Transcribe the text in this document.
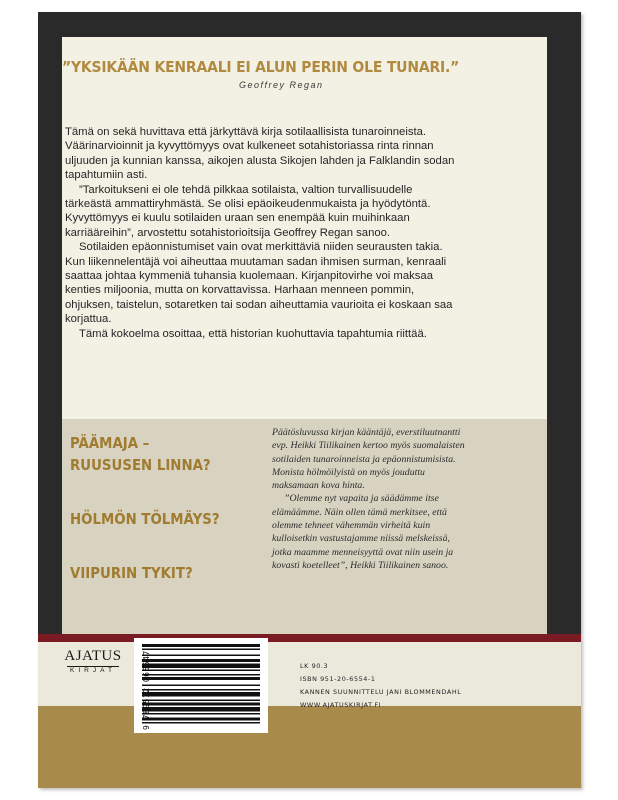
”YKSIKÄÄN KENRAALI EI ALUN PERIN OLE TUNARI.”
Geoffrey Regan
Tämä on sekä huvittava että järkyttävä kirja sotilaallisista tunaroinneista.
Väärinarvioinnit ja kyvyttömyys ovat kulkeneet sotahistoriassa rinta rinnan
uljuuden ja kunnian kanssa, aikojen alusta Sikojen lahden ja Falklandin sodan
tapahtumiin asti.
”Tarkoitukseni ei ole tehdä pilkkaa sotilaista, valtion turvallisuudelle
tärkeästä ammattiryhmästä. Se olisi epäoikeudenmukaista ja hyödytöntä.
Kyvyttömyys ei kuulu sotilaiden uraan sen enempää kuin muihinkaan
karriääreihin”, arvostettu sotahistorioitsija Geoffrey Regan sanoo.
Sotilaiden epäonnistumiset vain ovat merkittäviä niiden seurausten takia.
Kun liikennelentäjä voi aiheuttaa muutaman sadan ihmisen surman, kenraali
saattaa johtaa kymmeniä tuhansia kuolemaan. Kirjanpitovirhe voi maksaa
kenties miljoonia, mutta on korvattavissa. Harhaan menneen pommin,
ohjuksen, taistelun, sotaretken tai sodan aiheuttamia vaurioita ei koskaan saa
korjattua.
Tämä kokoelma osoittaa, että historian kuohuttavia tapahtumia riittää.
PÄÄMAJA –
RUUSUSEN LINNA?
HÖLMÖN TÖLMÄYS?
VIIPURIN TYKIT?
Päätösluvussa kirjan kääntäjä, everstiluutnantti
evp. Heikki Tiilikainen kertoo myös suomalaisten
sotilaiden tunaroinneista ja epäonnistumisista.
Monista hölmöilyistä on myös jouduttu
maksamaan kova hinta.
”Olemme nyt vapaita ja säädämme itse
elämäämme. Näin ollen tämä merkitsee, että
olemme tehneet vähemmän virheitä kuin
kulloisetkin vastustajamme niissä melskeissä,
jotka maamme menneisyyttä ovat niin usein ja
kovasti koetelleet”, Heikki Tiilikainen sanoo.
AJATUS
KIRJAT
LK 90.3
ISBN 951-20-6554-1
KANNEN SUUNNITTELU JANI BLOMMENDAHL
WWW.AJATUSKIRJAT.FI
